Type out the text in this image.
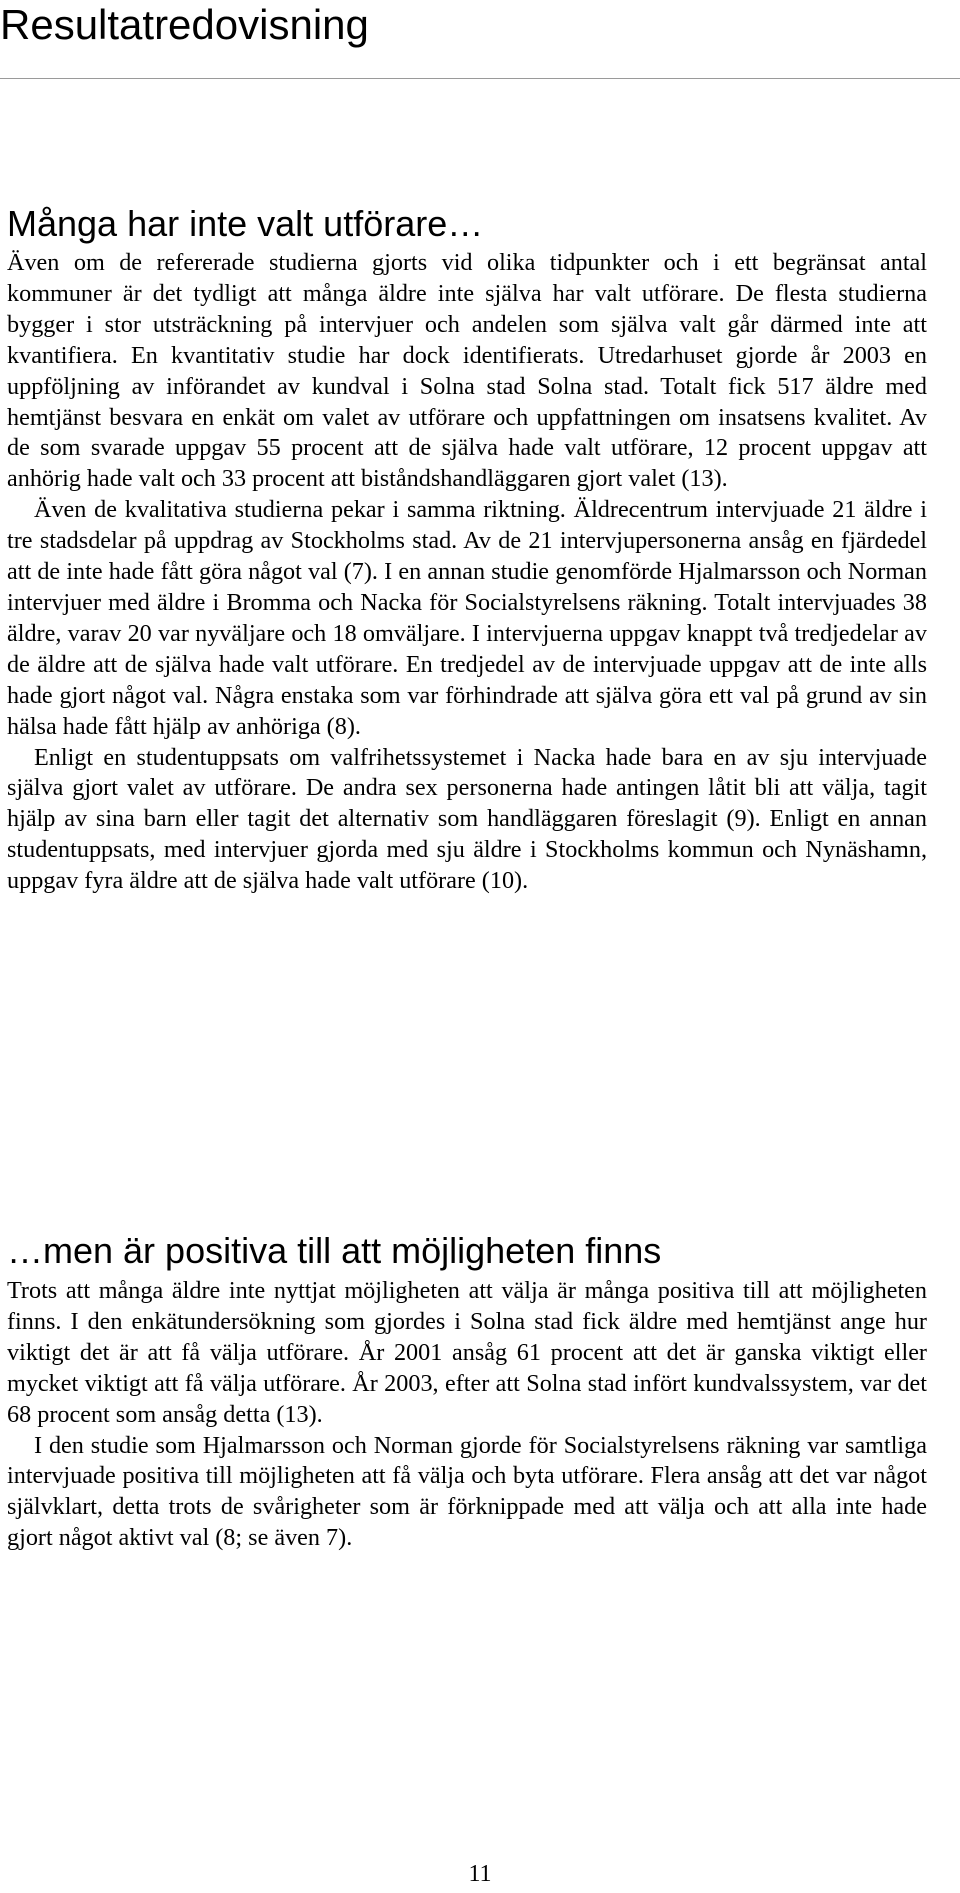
Resultatredovisning
Många har inte valt utförare…

Även om de refererade studierna gjorts vid olika tidpunkter och i ett begränsat antal kommuner är det tydligt att många äldre inte själva har valt utförare. De flesta studierna bygger i stor utsträckning på intervjuer och andelen som själva valt går därmed inte att kvantifiera. En kvantitativ studie har dock identifierats. Utredarhuset gjorde år 2003 en uppföljning av införandet av kundval i Solna stad Solna stad. Totalt fick 517 äldre med hemtjänst besvara en enkät om valet av utförare och uppfattningen om insatsens kvalitet. Av de som svarade uppgav 55 procent att de själva hade valt utförare, 12 procent uppgav att anhörig hade valt och 33 procent att biståndshandläggaren gjort valet (13).

Även de kvalitativa studierna pekar i samma riktning. Äldrecentrum intervjuade 21 äldre i tre stadsdelar på uppdrag av Stockholms stad. Av de 21 intervjupersonerna ansåg en fjärdedel att de inte hade fått göra något val (7). I en annan studie genomförde Hjalmarsson och Norman intervjuer med äldre i Bromma och Nacka för Socialstyrelsens räkning. Totalt intervjuades 38 äldre, varav 20 var nyväljare och 18 omväljare. I intervjuerna uppgav knappt två tredjedelar av de äldre att de själva hade valt utförare. En tredjedel av de intervjuade uppgav att de inte alls hade gjort något val. Några enstaka som var förhindrade att själva göra ett val på grund av sin hälsa hade fått hjälp av anhöriga (8).

Enligt en studentuppsats om valfrihetssystemet i Nacka hade bara en av sju intervjuade själva gjort valet av utförare. De andra sex personerna hade antingen låtit bli att välja, tagit hjälp av sina barn eller tagit det alternativ som handläggaren föreslagit (9). Enligt en annan studentuppsats, med intervjuer gjorda med sju äldre i Stockholms kommun och Nynäshamn, uppgav fyra äldre att de själva hade valt utförare (10).

…men är positiva till att möjligheten finns

Trots att många äldre inte nyttjat möjligheten att välja är många positiva till att möjligheten finns. I den enkätundersökning som gjordes i Solna stad fick äldre med hemtjänst ange hur viktigt det är att få välja utförare. År 2001 ansåg 61 procent att det är ganska viktigt eller mycket viktigt att få välja utförare. År 2003, efter att Solna stad infört kundvalssystem, var det 68 procent som ansåg detta (13).

I den studie som Hjalmarsson och Norman gjorde för Socialstyrelsens räkning var samtliga intervjuade positiva till möjligheten att få välja och byta utförare. Flera ansåg att det var något självklart, detta trots de svårigheter som är förknippade med att välja och att alla inte hade gjort något aktivt val (8; se även 7).

11
